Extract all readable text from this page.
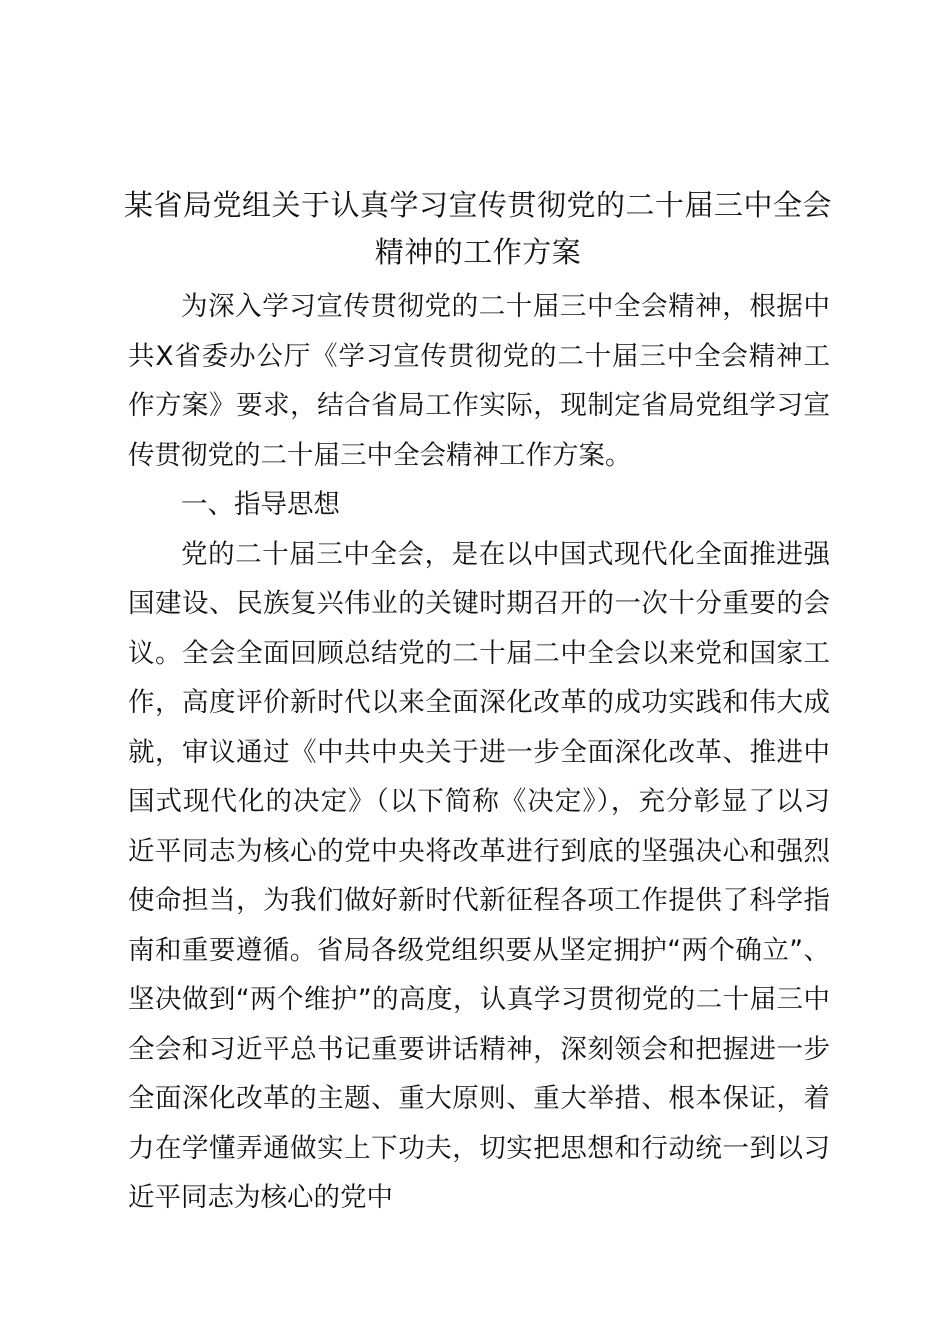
某省局党组关于认真学习宣传贯彻党的二十届三中全会
精神的工作方案

为深入学习宣传贯彻党的二十届三中全会精神，根据中共X省委办公厅《学习宣传贯彻党的二十届三中全会精神工作方案》要求，结合省局工作实际，现制定省局党组学习宣传贯彻党的二十届三中全会精神工作方案。

一、指导思想

党的二十届三中全会，是在以中国式现代化全面推进强国建设、民族复兴伟业的关键时期召开的一次十分重要的会议。全会全面回顾总结党的二十届二中全会以来党和国家工作，高度评价新时代以来全面深化改革的成功实践和伟大成就，审议通过《中共中央关于进一步全面深化改革、推进中国式现代化的决定》（以下简称《决定》），充分彰显了以习近平同志为核心的党中央将改革进行到底的坚强决心和强烈使命担当，为我们做好新时代新征程各项工作提供了科学指南和重要遵循。省局各级党组织要从坚定拥护“两个确立”、坚决做到“两个维护”的高度，认真学习贯彻党的二十届三中全会和习近平总书记重要讲话精神，深刻领会和把握进一步全面深化改革的主题、重大原则、重大举措、根本保证，着力在学懂弄通做实上下功夫，切实把思想和行动统一到以习近平同志为核心的党中
